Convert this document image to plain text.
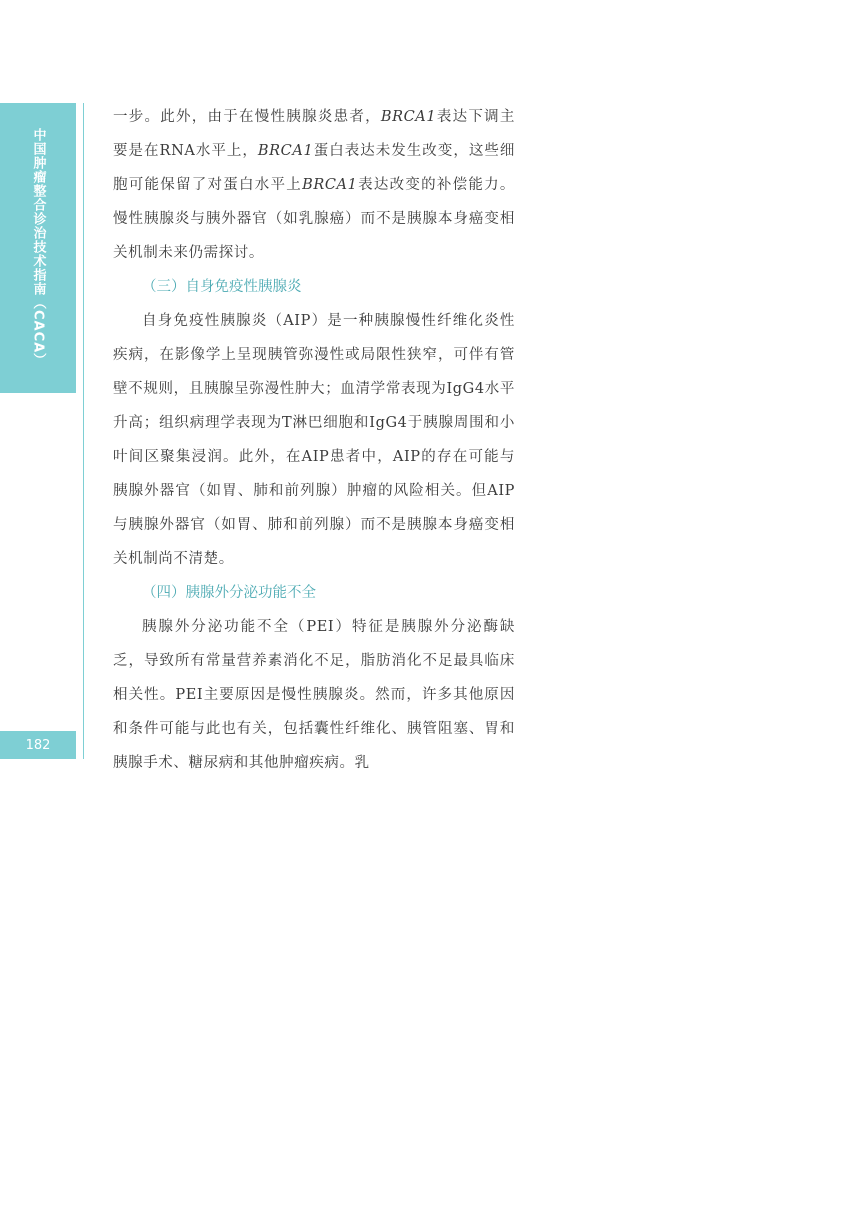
中国肿瘤整合诊治技术指南（CACA）
182

一步。此外，由于在慢性胰腺炎患者，BRCA1表达下调主要是在RNA水平上，BRCA1蛋白表达未发生改变，这些细胞可能保留了对蛋白水平上BRCA1表达改变的补偿能力。慢性胰腺炎与胰外器官（如乳腺癌）而不是胰腺本身癌变相关机制未来仍需探讨。

（三）自身免疫性胰腺炎

自身免疫性胰腺炎（AIP）是一种胰腺慢性纤维化炎性疾病，在影像学上呈现胰管弥漫性或局限性狭窄，可伴有管壁不规则，且胰腺呈弥漫性肿大；血清学常表现为IgG4水平升高；组织病理学表现为T淋巴细胞和IgG4于胰腺周围和小叶间区聚集浸润。此外，在AIP患者中，AIP的存在可能与胰腺外器官（如胃、肺和前列腺）肿瘤的风险相关。但AIP与胰腺外器官（如胃、肺和前列腺）而不是胰腺本身癌变相关机制尚不清楚。

（四）胰腺外分泌功能不全

胰腺外分泌功能不全（PEI）特征是胰腺外分泌酶缺乏，导致所有常量营养素消化不足，脂肪消化不足最具临床相关性。PEI主要原因是慢性胰腺炎。然而，许多其他原因和条件可能与此也有关，包括囊性纤维化、胰管阻塞、胃和胰腺手术、糖尿病和其他肿瘤疾病。乳
